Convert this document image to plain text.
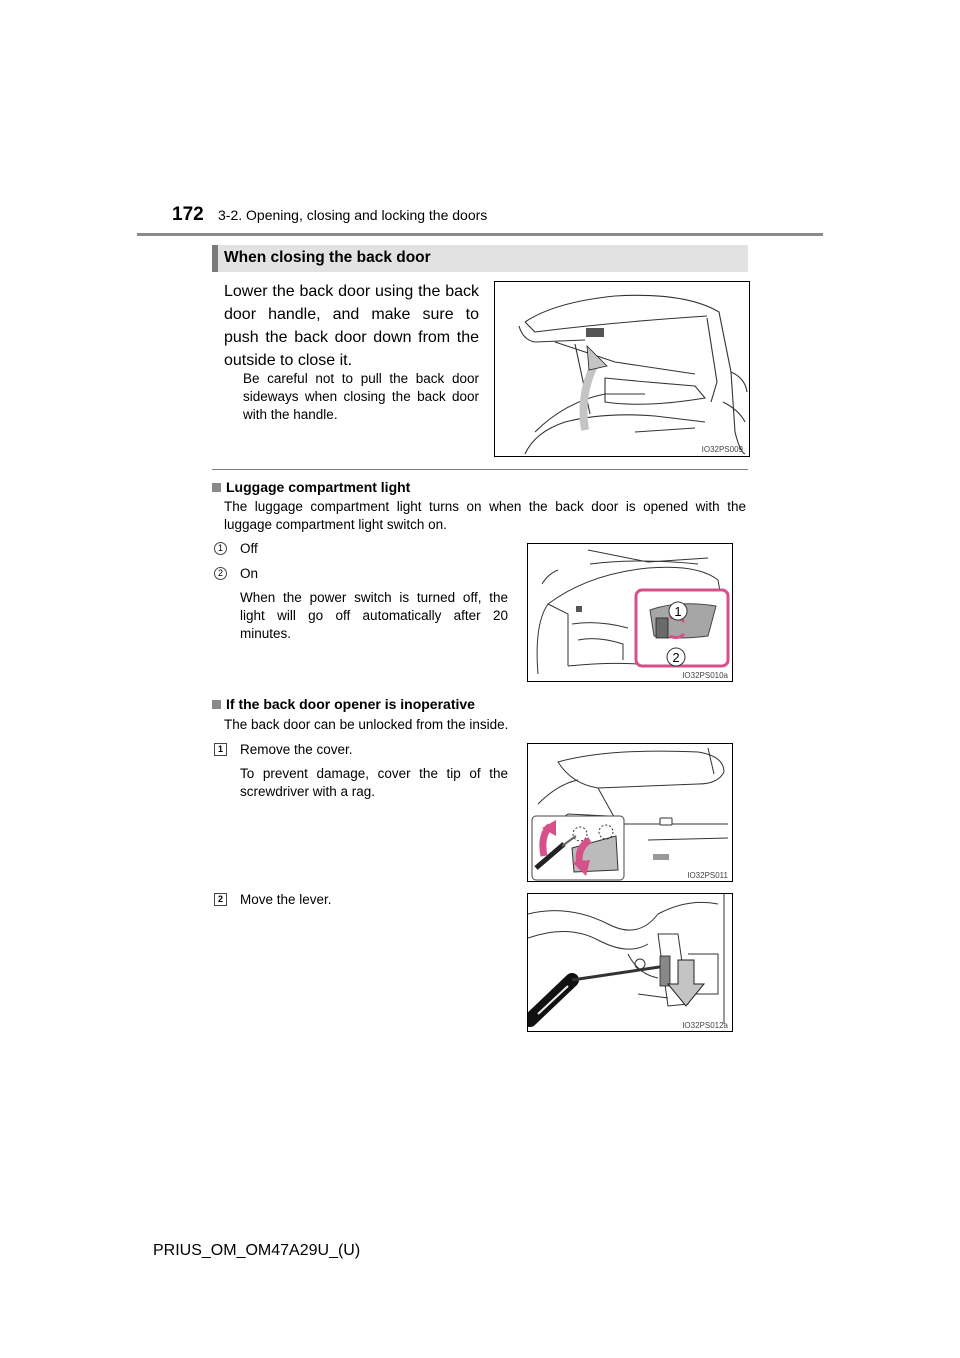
172 3-2. Opening, closing and locking the doors
When closing the back door
Lower the back door using the back door handle, and make sure to push the back door down from the outside to close it.
Be careful not to pull the back door sideways when closing the back door with the handle.
IO32PS009
Luggage compartment light
The luggage compartment light turns on when the back door is opened with the luggage compartment light switch on.
1 Off
2 On
When the power switch is turned off, the light will go off automatically after 20 minutes.
1
2
IO32PS010a
If the back door opener is inoperative
The back door can be unlocked from the inside.
1 Remove the cover.
To prevent damage, cover the tip of the screwdriver with a rag.
IO32PS011
2 Move the lever.
IO32PS012a
PRIUS_OM_OM47A29U_(U)
